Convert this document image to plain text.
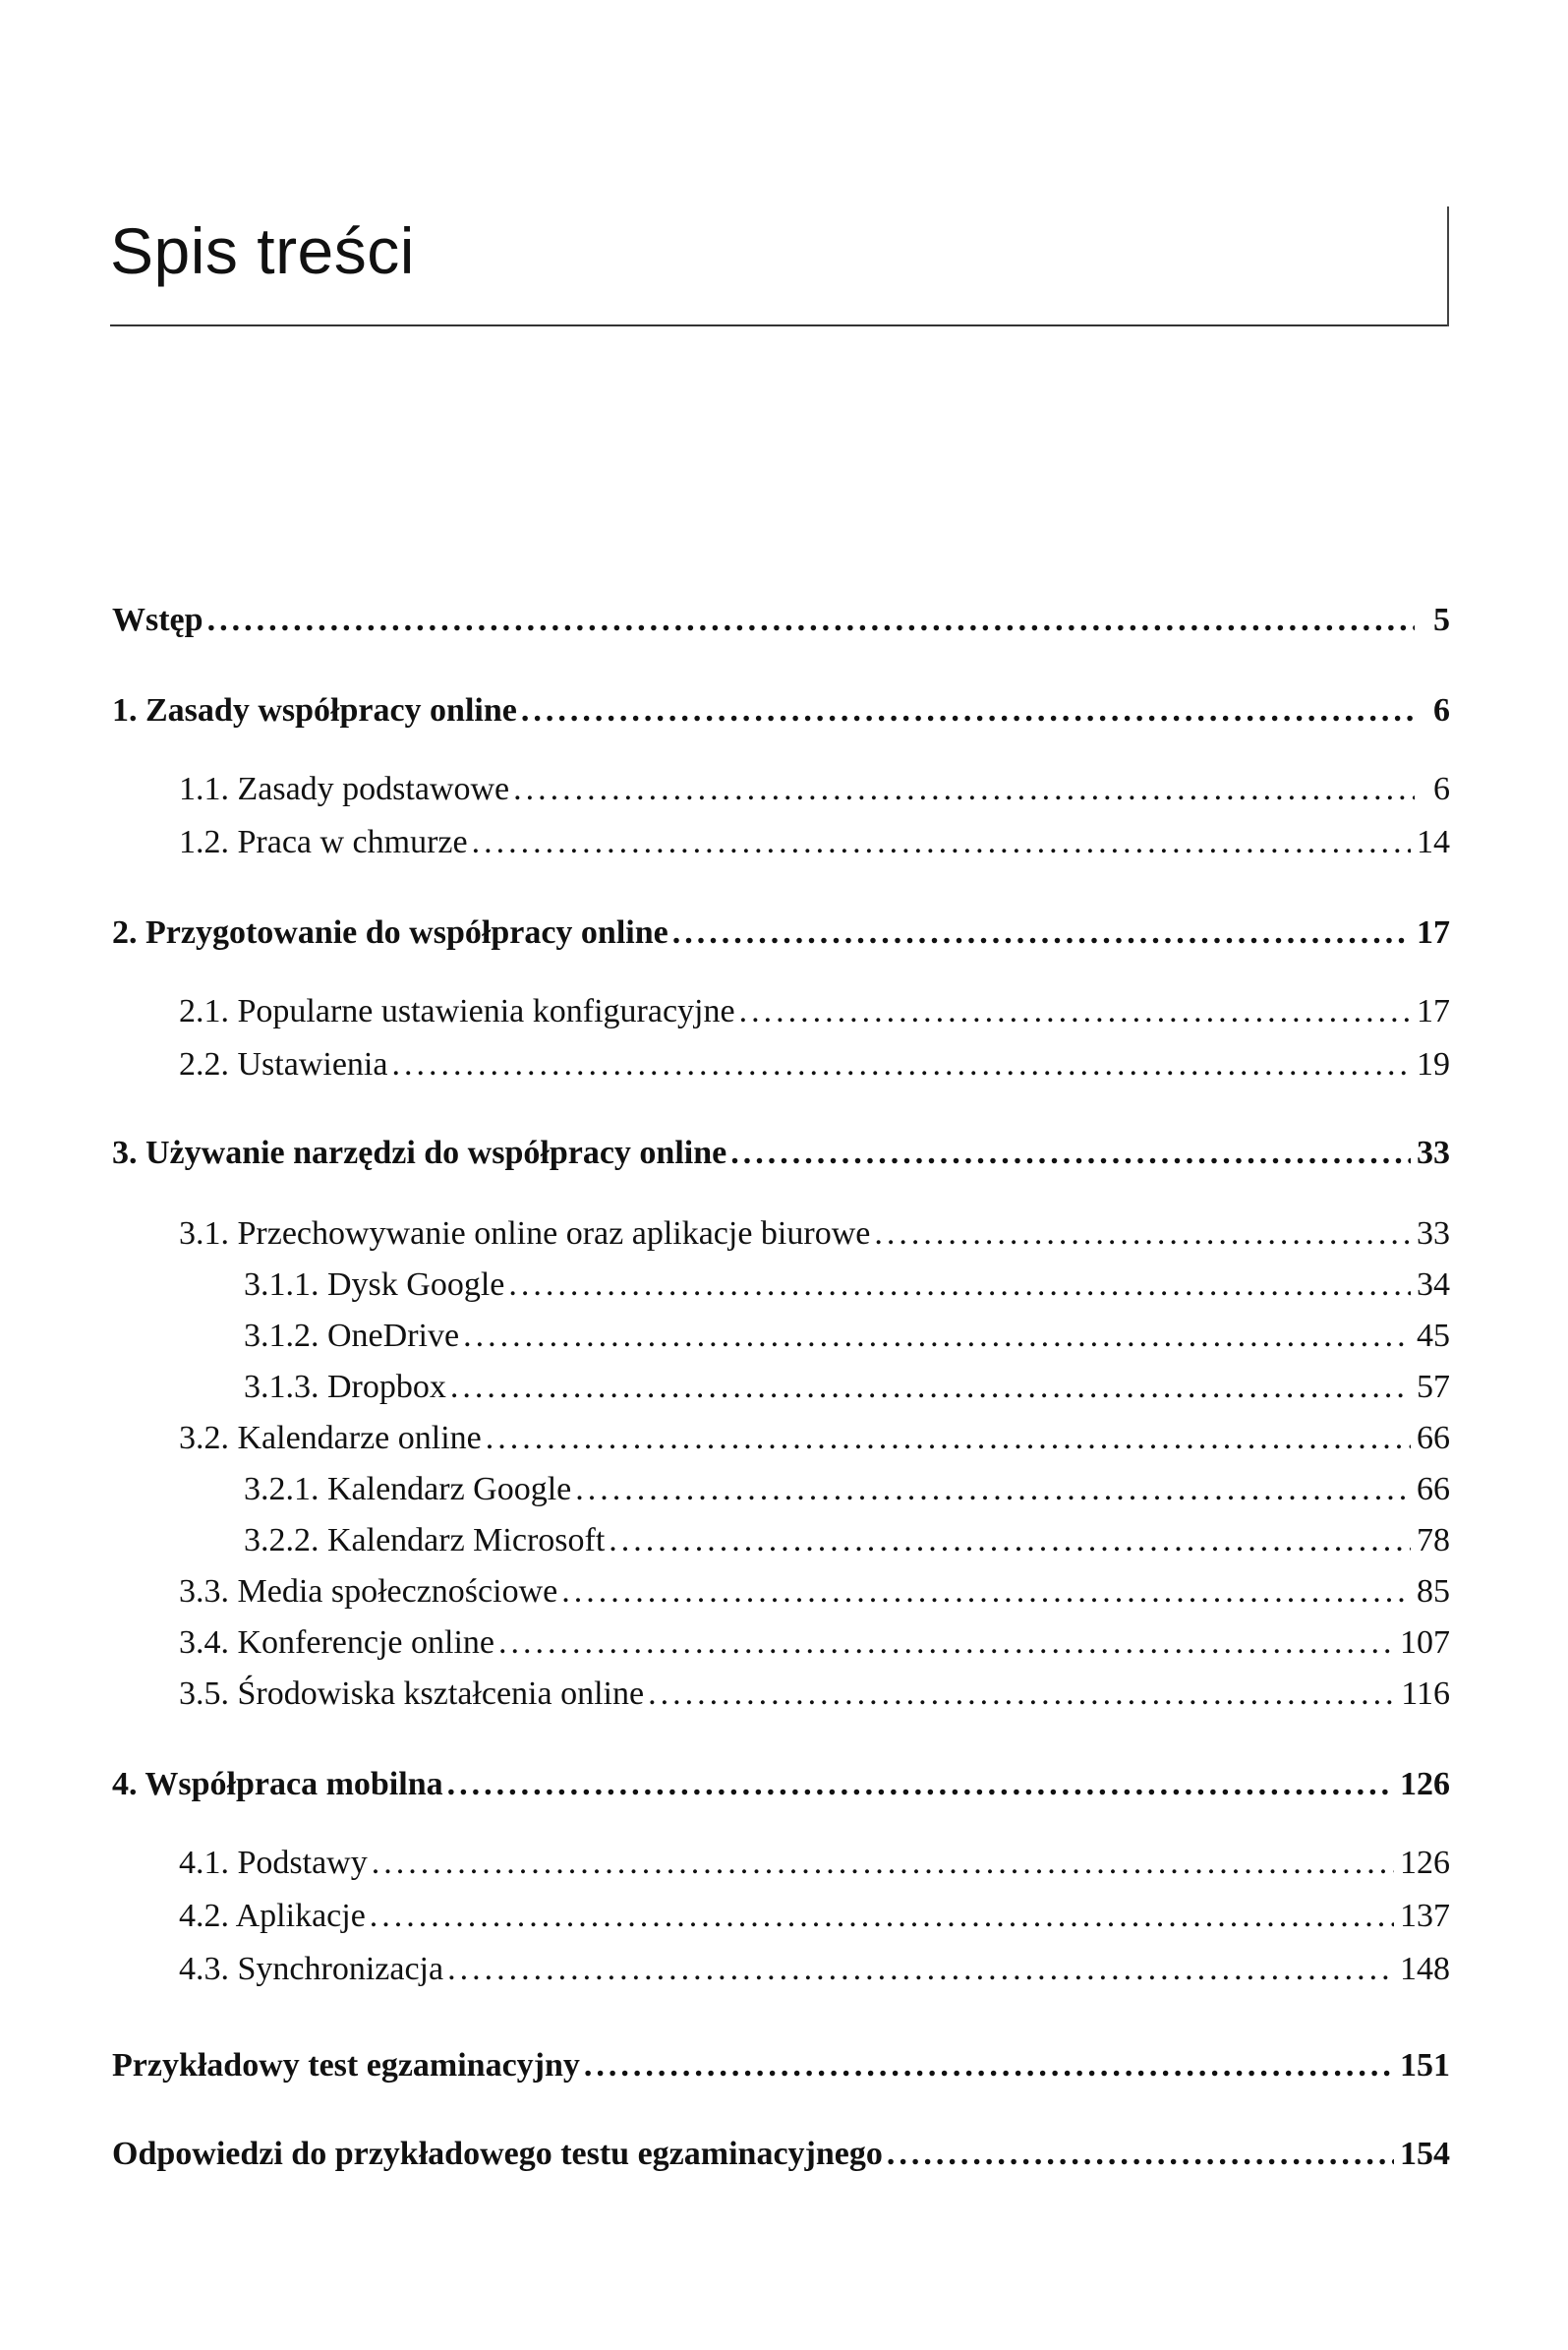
Spis treści
Wstęp .....	5
1. Zasady współpracy online .....	6
1.1. Zasady podstawowe .....	6
1.2. Praca w chmurze .....	14
2. Przygotowanie do współpracy online .....	17
2.1. Popularne ustawienia konfiguracyjne .....	17
2.2. Ustawienia .....	19
3. Używanie narzędzi do współpracy online .....	33
3.1. Przechowywanie online oraz aplikacje biurowe .....	33
3.1.1. Dysk Google .....	34
3.1.2. OneDrive .....	45
3.1.3. Dropbox .....	57
3.2. Kalendarze online .....	66
3.2.1. Kalendarz Google .....	66
3.2.2. Kalendarz Microsoft .....	78
3.3. Media społecznościowe .....	85
3.4. Konferencje online .....	107
3.5. Środowiska kształcenia online .....	116
4. Współpraca mobilna .....	126
4.1. Podstawy .....	126
4.2. Aplikacje .....	137
4.3. Synchronizacja .....	148
Przykładowy test egzaminacyjny .....	151
Odpowiedzi do przykładowego testu egzaminacyjnego .....	154
